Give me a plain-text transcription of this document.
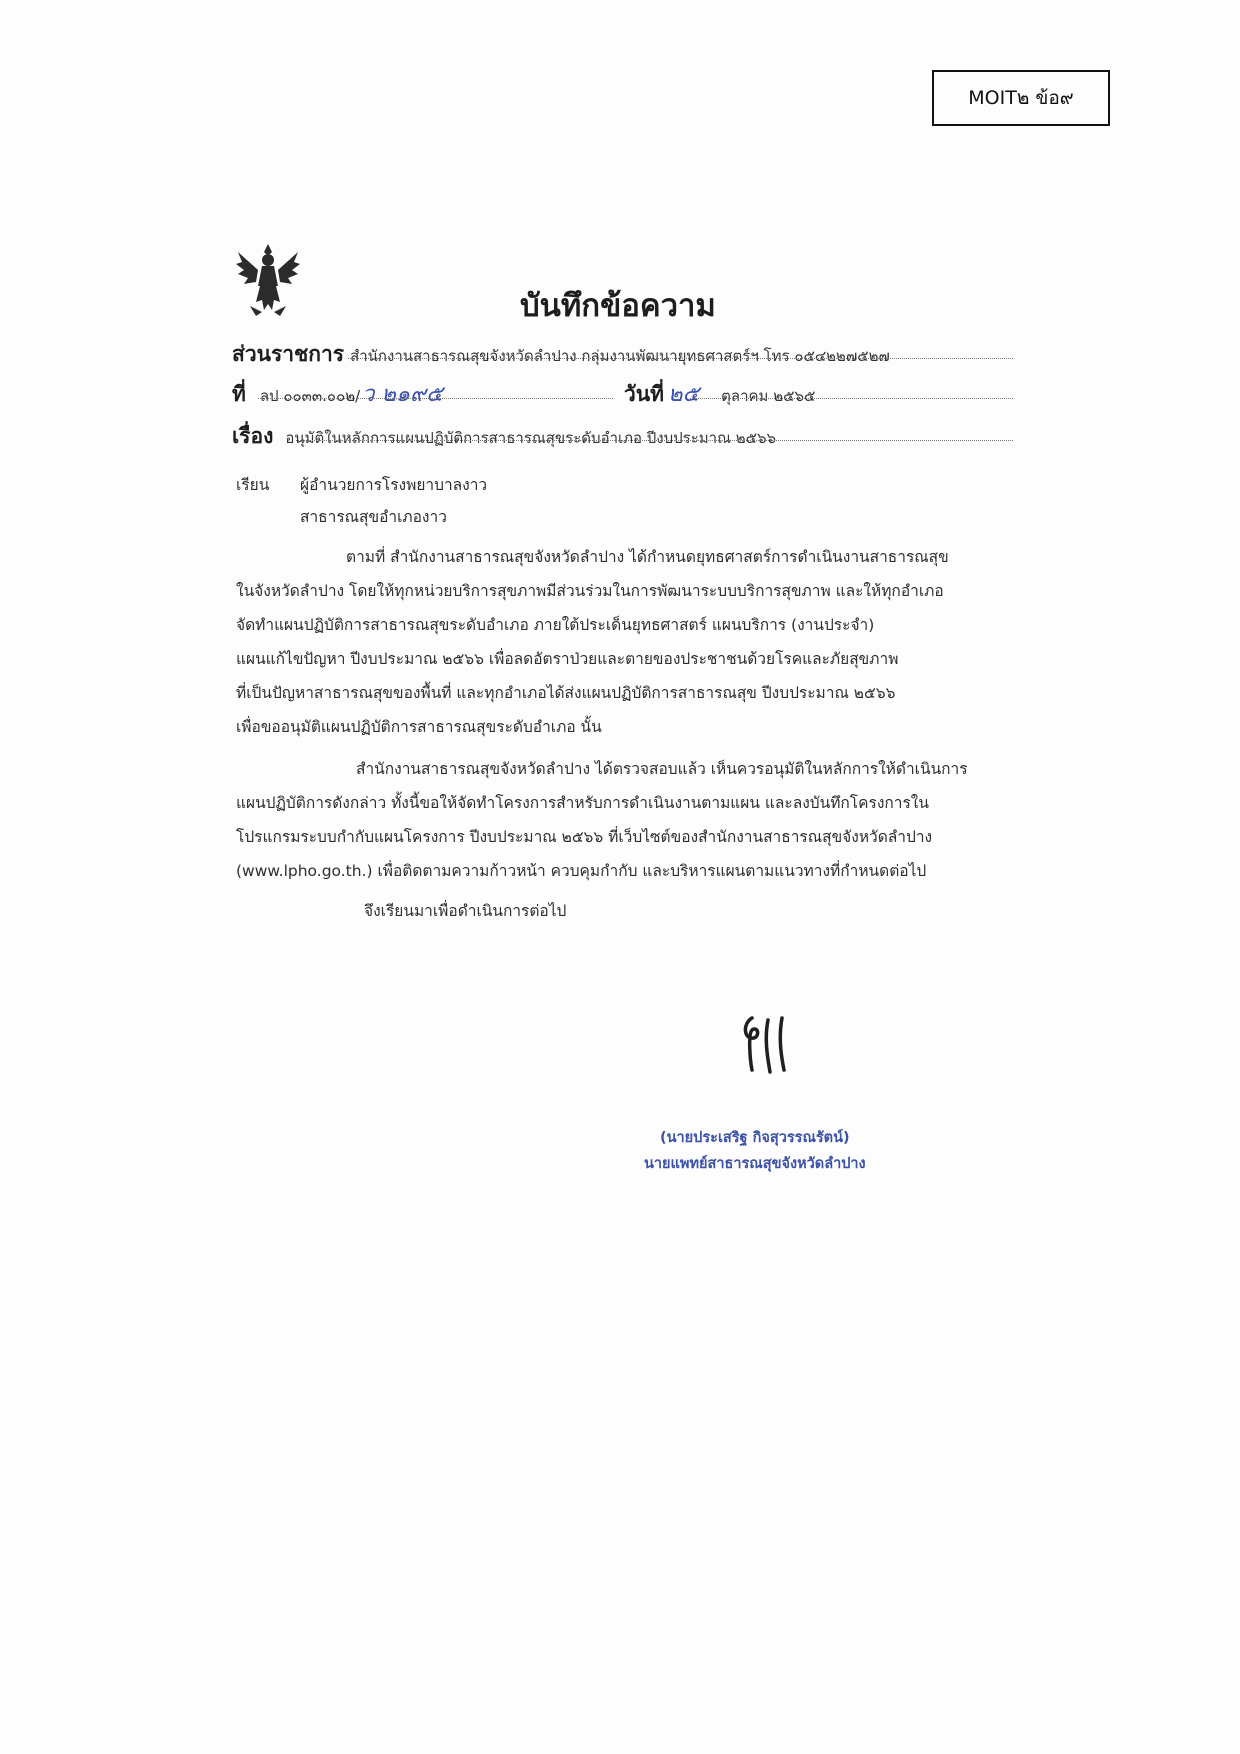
MOIT๒ ข้อ๙
บันทึกข้อความ
ส่วนราชการ สำนักงานสาธารณสุขจังหวัดลำปาง กลุ่มงานพัฒนายุทธศาสตร์ฯ โทร ๐๕๔๒๒๗๕๒๗
ที่ ลป ๐๐๓๓.๐๐๒/ ว ๒๑๙๕	วันที่ ๒๕ ตุลาคม ๒๕๖๕
เรื่อง อนุมัติในหลักการแผนปฏิบัติการสาธารณสุขระดับอำเภอ ปีงบประมาณ ๒๕๖๖
เรียน ผู้อำนวยการโรงพยาบาลงาว
สาธารณสุขอำเภองาว
ตามที่ สำนักงานสาธารณสุขจังหวัดลำปาง ได้กำหนดยุทธศาสตร์การดำเนินงานสาธารณสุข
ในจังหวัดลำปาง โดยให้ทุกหน่วยบริการสุขภาพมีส่วนร่วมในการพัฒนาระบบบริการสุขภาพ และให้ทุกอำเภอ
จัดทำแผนปฏิบัติการสาธารณสุขระดับอำเภอ ภายใต้ประเด็นยุทธศาสตร์ แผนบริการ (งานประจำ)
แผนแก้ไขปัญหา ปีงบประมาณ ๒๕๖๖ เพื่อลดอัตราป่วยและตายของประชาชนด้วยโรคและภัยสุขภาพ
ที่เป็นปัญหาสาธารณสุขของพื้นที่ และทุกอำเภอได้ส่งแผนปฏิบัติการสาธารณสุข ปีงบประมาณ ๒๕๖๖
เพื่อขออนุมัติแผนปฏิบัติการสาธารณสุขระดับอำเภอ นั้น
สำนักงานสาธารณสุขจังหวัดลำปาง ได้ตรวจสอบแล้ว เห็นควรอนุมัติในหลักการให้ดำเนินการ
แผนปฏิบัติการดังกล่าว ทั้งนี้ขอให้จัดทำโครงการสำหรับการดำเนินงานตามแผน และลงบันทึกโครงการใน
โปรแกรมระบบกำกับแผนโครงการ ปีงบประมาณ ๒๕๖๖ ที่เว็บไซต์ของสำนักงานสาธารณสุขจังหวัดลำปาง
(www.lpho.go.th.) เพื่อติดตามความก้าวหน้า ควบคุมกำกับ และบริหารแผนตามแนวทางที่กำหนดต่อไป
จึงเรียนมาเพื่อดำเนินการต่อไป
(นายประเสริฐ กิจสุวรรณรัตน์)
นายแพทย์สาธารณสุขจังหวัดลำปาง
